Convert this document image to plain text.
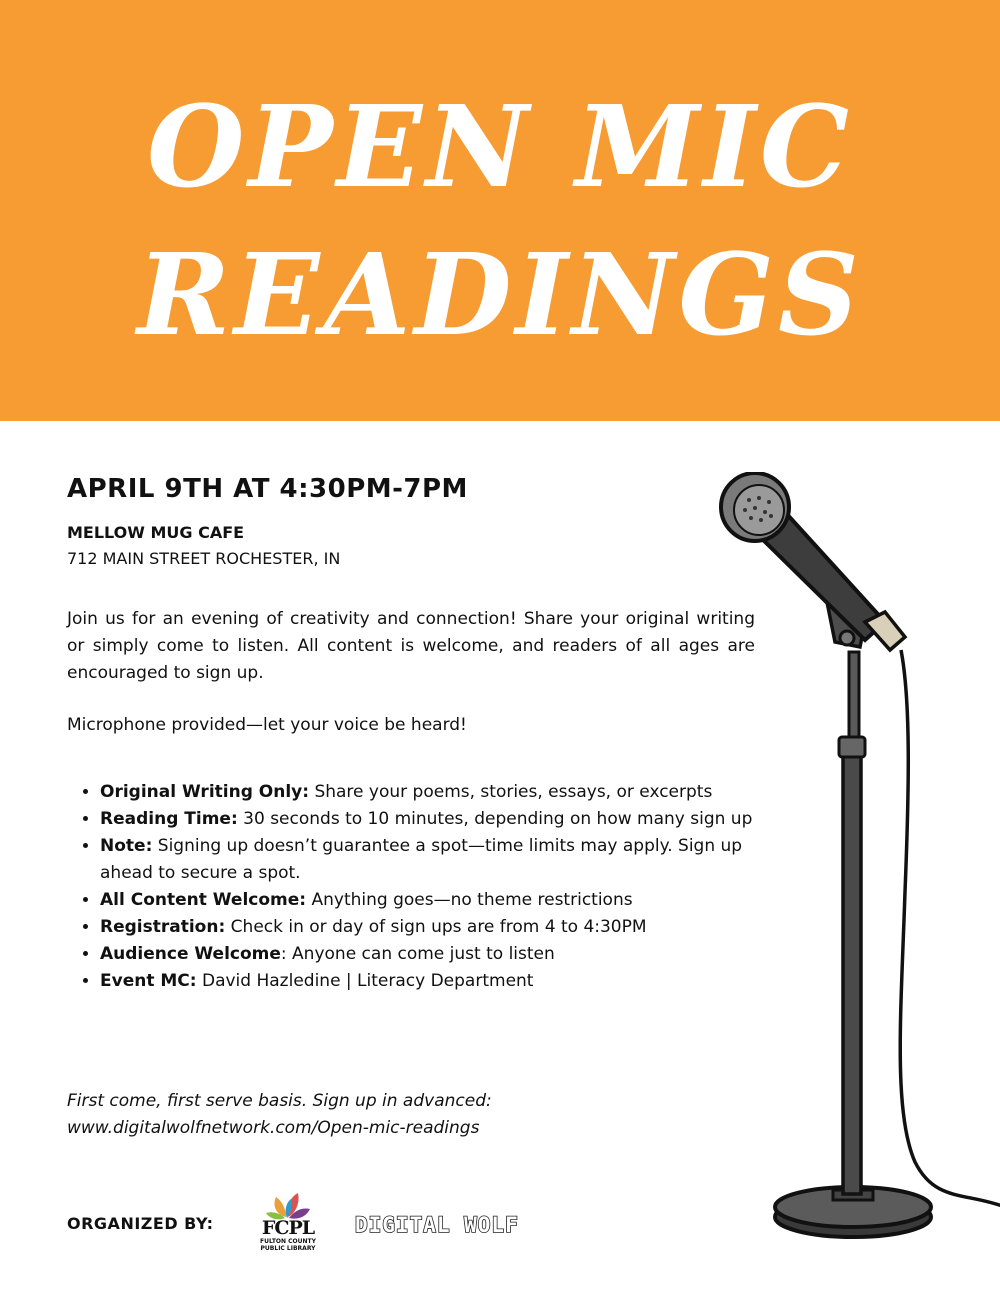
OPEN MIC
READINGS
APRIL 9TH AT 4:30PM-7PM
MELLOW MUG CAFE
712 MAIN STREET ROCHESTER, IN
Join us for an evening of creativity and connection! Share your original writing or simply come to listen. All content is welcome, and readers of all ages are encouraged to sign up.
Microphone provided—let your voice be heard!
• Original Writing Only: Share your poems, stories, essays, or excerpts
• Reading Time: 30 seconds to 10 minutes, depending on how many sign up
• Note: Signing up doesn’t guarantee a spot—time limits may apply. Sign up ahead to secure a spot.
• All Content Welcome: Anything goes—no theme restrictions
• Registration: Check in or day of sign ups are from 4 to 4:30PM
• Audience Welcome: Anyone can come just to listen
• Event MC: David Hazledine | Literacy Department
First come, first serve basis. Sign up in advanced:
www.digitalwolfnetwork.com/Open-mic-readings
ORGANIZED BY:	FCPL
FULTON COUNTY
PUBLIC LIBRARY
DIGITAL WOLF
